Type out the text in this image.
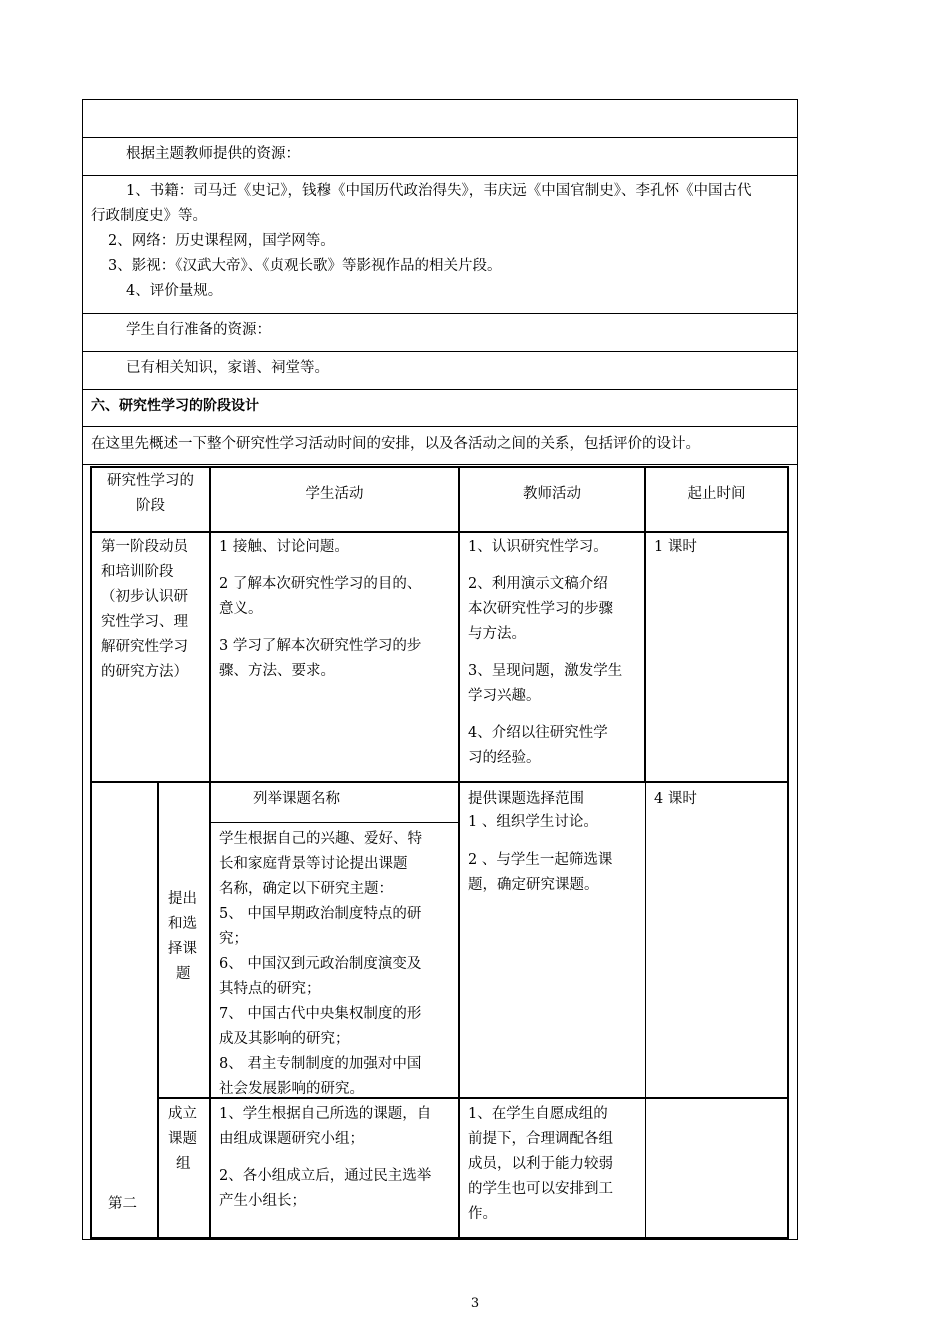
根据主题教师提供的资源：
1、书籍：司马迁《史记》，钱穆《中国历代政治得失》，韦庆远《中国官制史》、李孔怀《中国古代
行政制度史》等。
2、网络：历史课程网，国学网等。
3、影视：《汉武大帝》、《贞观长歌》等影视作品的相关片段。
4、评价量规。
学生自行准备的资源：
已有相关知识，家谱、祠堂等。
六、研究性学习的阶段设计
在这里先概述一下整个研究性学习活动时间的安排，以及各活动之间的关系，包括评价的设计。
研究性学习的
阶段
学生活动	教师活动	起止时间
第一阶段动员
和培训阶段
（初步认识研
究性学习、理
解研究性学习
的研究方法）
1 接触、讨论问题。
2 了解本次研究性学习的目的、
意义。
3 学习了解本次研究性学习的步
骤、方法、要求。
1、认识研究性学习。
2、利用演示文稿介绍
本次研究性学习的步骤
与方法。
3、呈现问题，激发学生
学习兴趣。
4、介绍以往研究性学
习的经验。
1 课时
第二
提出
和选
择课
题
列举课题名称
学生根据自己的兴趣、爱好、特
长和家庭背景等讨论提出课题
名称，确定以下研究主题：
5、 中国早期政治制度特点的研
究；
6、 中国汉到元政治制度演变及
其特点的研究；
7、 中国古代中央集权制度的形
成及其影响的研究；
8、 君主专制制度的加强对中国
社会发展影响的研究。
提供课题选择范围
1 、组织学生讨论。
2 、与学生一起筛选课
题，确定研究课题。
4 课时
成立
课题
组
1、学生根据自己所选的课题，自
由组成课题研究小组；
2、各小组成立后，通过民主选举
产生小组长；
1、在学生自愿成组的
前提下，合理调配各组
成员，以利于能力较弱
的学生也可以安排到工
作。
3
